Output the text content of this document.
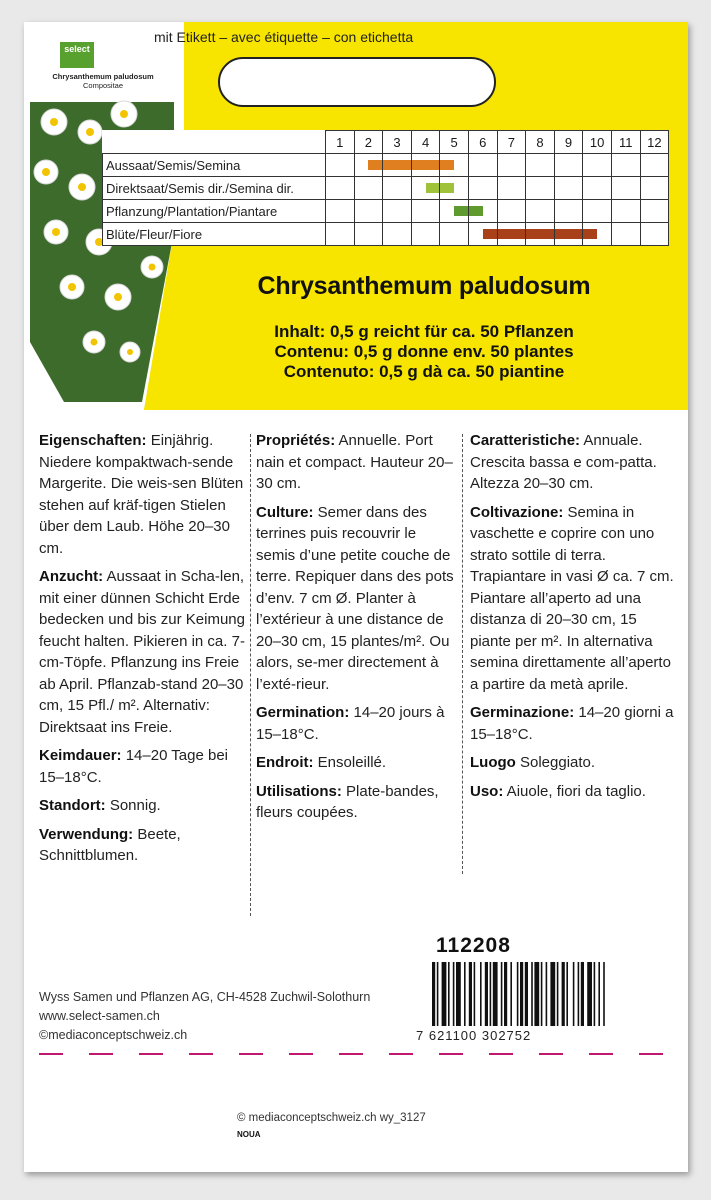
select
Chrysanthemum paludosum
Compositae
mit Etikett – avec étiquette – con etichetta
	1	2	3	4	5	6	7	8	9	10	11	12
Aussaat/Semis/Semina		

Direktsaat/Semis dir./Semina dir.				

Pflanzung/Plantation/Piantare					

Blüte/Fleur/Fiore						

Chrysanthemum paludosum
Inhalt: 0,5 g reicht für ca. 50 Pflanzen
Contenu: 0,5 g donne env. 50 plantes
Contenuto: 0,5 g dà ca. 50 piantine

Eigenschaften: Einjährig. Niedere kompaktwach-sende Margerite. Die weis-sen Blüten stehen auf kräf-tigen Stielen über dem Laub. Höhe 20–30 cm.

Anzucht: Aussaat in Scha-len, mit einer dünnen Schicht Erde bedecken und bis zur Keimung feucht halten. Pikieren in ca. 7-cm-Töpfe. Pflanzung ins Freie ab April. Pflanzab-stand 20–30 cm, 15 Pfl./ m². Alternativ: Direktsaat ins Freie.

Keimdauer: 14–20 Tage bei 15–18°C.

Standort: Sonnig.

Verwendung: Beete, Schnittblumen.

Propriétés: Annuelle. Port nain et compact. Hauteur 20–30 cm.

Culture: Semer dans des terrines puis recouvrir le semis d’une petite couche de terre. Repiquer dans des pots d’env. 7 cm Ø. Planter à l’extérieur à une distance de 20–30 cm, 15 plantes/m². Ou alors, se-mer directement à l’exté-rieur.

Germination: 14–20 jours à 15–18°C.

Endroit: Ensoleillé.

Utilisations: Plate-bandes, fleurs coupées.

Caratteristiche: Annuale. Crescita bassa e com-patta. Altezza 20–30 cm.

Coltivazione: Semina in vaschette e coprire con uno strato sottile di terra. Trapiantare in vasi Ø ca. 7 cm. Piantare all’aperto ad una distanza di 20–30 cm, 15 piante per m². In alternativa semina direttamente all’aperto a partire da metà aprile.

Germinazione: 14–20 giorni a 15–18°C.

Luogo Soleggiato.

Uso: Aiuole, fiori da taglio.

112208
7 621100 302752
Wyss Samen und Pflanzen AG, CH-4528 Zuchwil-Solothurn
www.select-samen.ch
©mediaconceptschweiz.ch
© mediaconceptschweiz.ch wy_3127
NOUA
